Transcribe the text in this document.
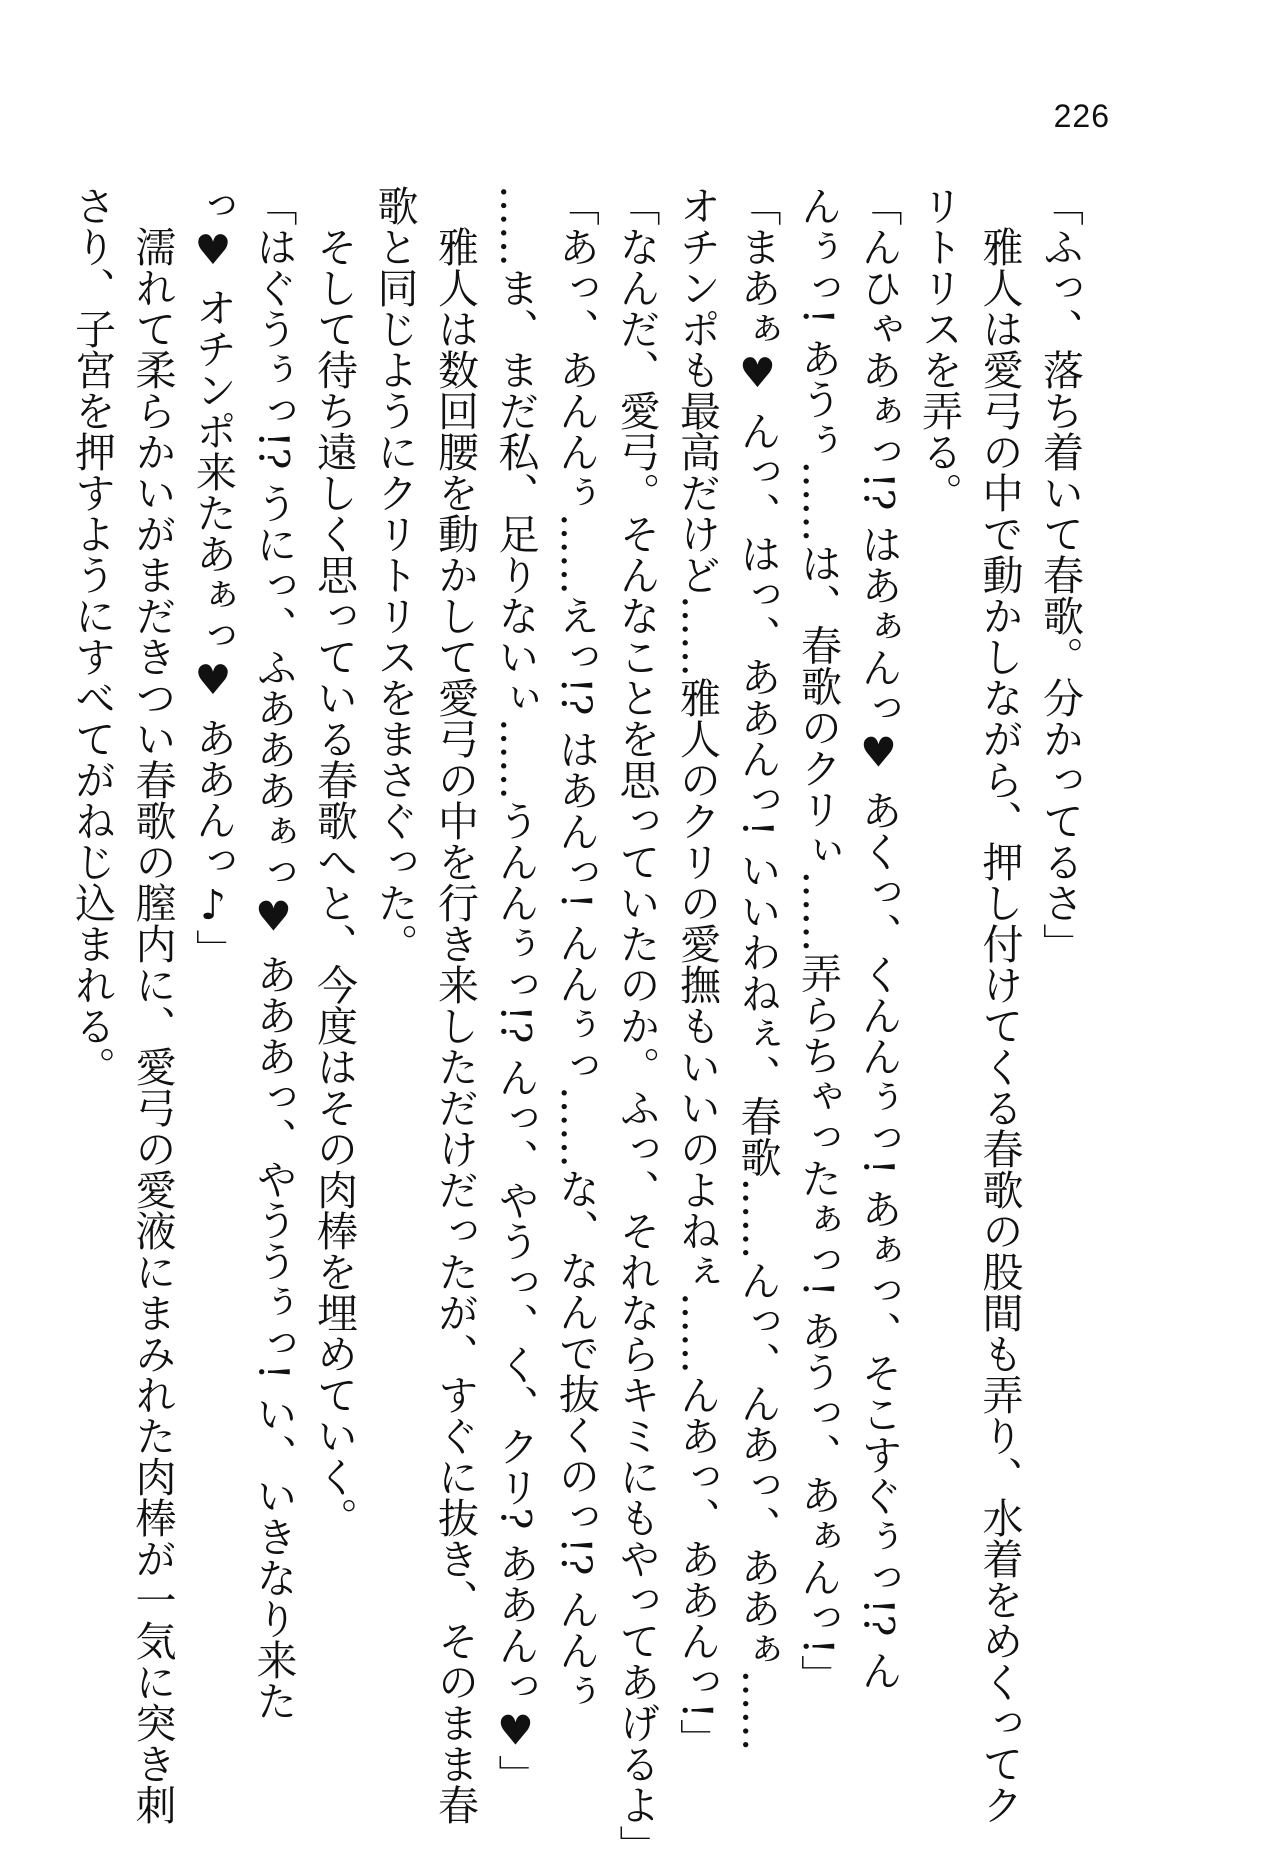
226

「ふっ、落ち着いて春歌。分かってるさ」

雅人は愛弓の中で動かしながら、押し付けてくる春歌の股間も弄り、水着をめくってク

リトリスを弄る。

「んひゃあぁっ!? はあぁんっ♥ あくっ、くんんぅっ! あぁっ、そこすぐぅっ!? ん

んぅっ! あうぅ……は、春歌のクリぃ……弄らちゃったぁっ! あうっ、あぁんっ!」

「まあぁ♥ んっ、はっ、ああんっ! いいわねぇ、春歌……んっ、んあっ、ああぁ……

オチンポも最高だけど……雅人のクリの愛撫もいいのよねぇ……んあっ、ああんっ!」

「なんだ、愛弓。そんなことを思っていたのか。ふっ、それならキミにもやってあげるよ」

「あっ、あんんぅ……えっ!? はあんっ! んんぅっ……な、なんで抜くのっ!? んんぅ

……ま、まだ私、足りないぃ……うんんぅっ!? んっ、やうっ、く、クリ? ああんっ♥」

雅人は数回腰を動かして愛弓の中を行き来しただけだったが、すぐに抜き、そのまま春

歌と同じようにクリトリスをまさぐった。

そして待ち遠しく思っている春歌へと、今度はその肉棒を埋めていく。

「はぐうぅっ!? うにっ、ふあああぁっ♥ あああっ、やううぅっ! い、いきなり来た

っ♥ オチンポ来たあぁっ♥ ああんっ♪」

濡れて柔らかいがまだきつい春歌の膣内に、愛弓の愛液にまみれた肉棒が一気に突き刺

さり、子宮を押すようにすべてがねじ込まれる。
